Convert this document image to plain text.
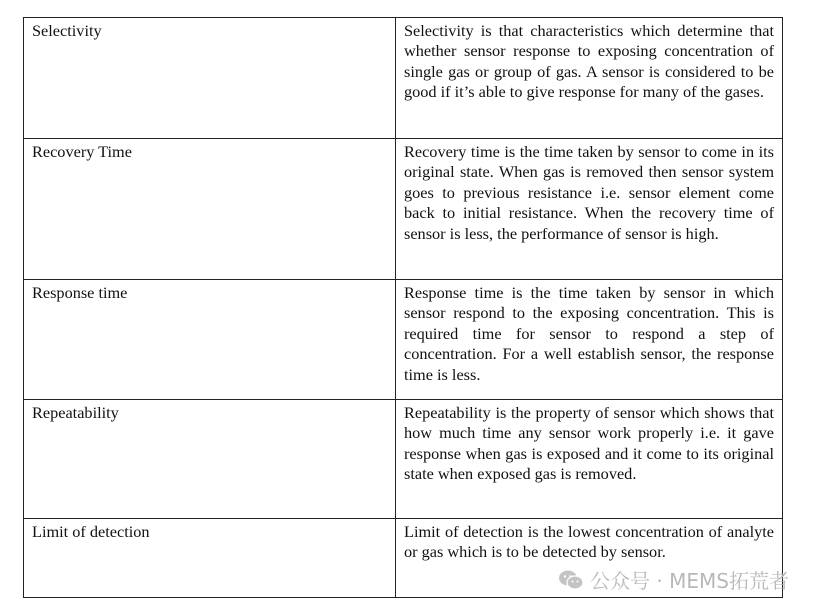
Selectivity	Selectivity is that characteristics which determine that whether sensor response to exposing concentration of single gas or group of gas. A sensor is considered to be good if it’s able to give response for many of the gases.
Recovery Time	Recovery time is the time taken by sensor to come in its original state. When gas is removed then sensor system goes to previous resistance i.e. sensor element come back to initial resistance. When the recovery time of sensor is less, the performance of sensor is high.
Response time	Response time is the time taken by sensor in which sensor respond to the exposing concentration. This is required time for sensor to respond a step of concentration. For a well establish sensor, the response time is less.
Repeatability	Repeatability is the property of sensor which shows that how much time any sensor work properly i.e. it gave response when gas is exposed and it come to its original state when exposed gas is removed.
Limit of detection	Limit of detection is the lowest concentration of analyte or gas which is to be detected by sensor.
公众号 · MEMS拓荒者
